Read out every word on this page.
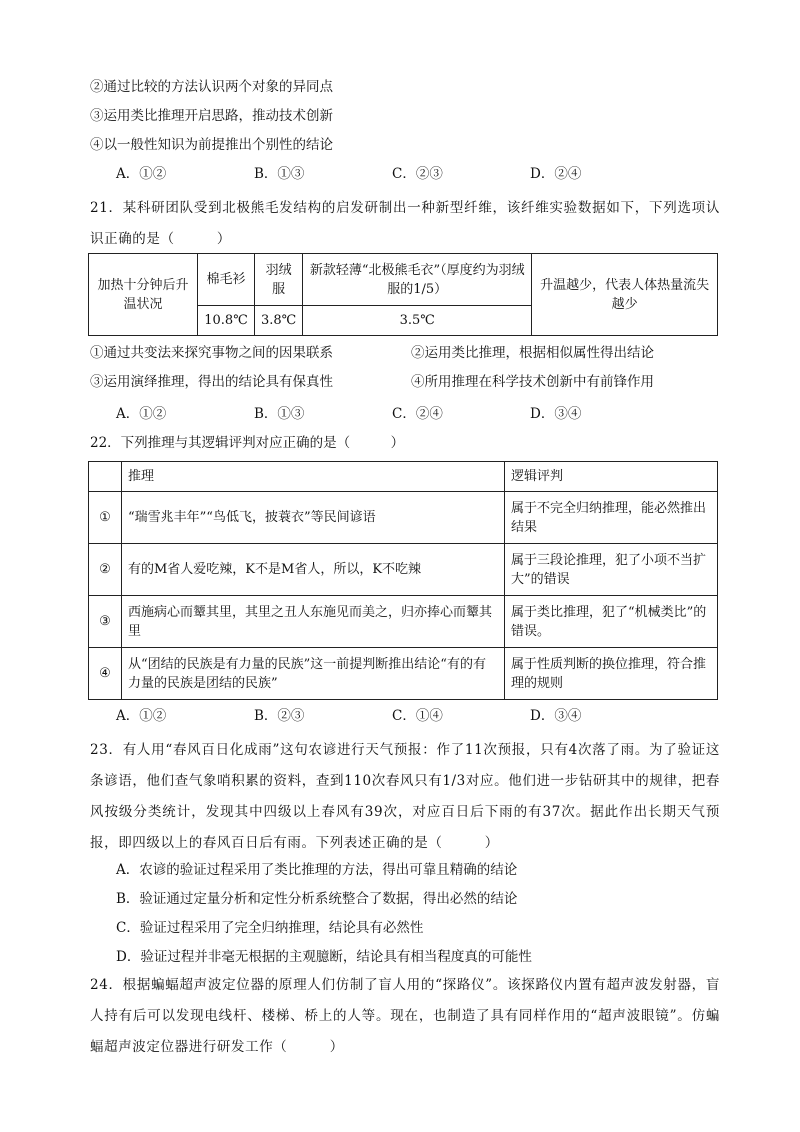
②通过比较的方法认识两个对象的异同点
③运用类比推理开启思路，推动技术创新
④以一般性知识为前提推出个别性的结论
A．①②	B．①③	C．②③	D．②④
21．某科研团队受到北极熊毛发结构的启发研制出一种新型纤维，该纤维实验数据如下，下列选项认识正确的是（　　　）
加热十分钟后升温状况	棉毛衫	羽绒服	新款轻薄“北极熊毛衣”（厚度约为羽绒服的1/5）	升温越少，代表人体热量流失越少
	10.8℃	3.8℃	3.5℃	
①通过共变法来探究事物之间的因果联系	②运用类比推理，根据相似属性得出结论
③运用演绎推理，得出的结论具有保真性	④所用推理在科学技术创新中有前锋作用
A．①②	B．①③	C．②④	D．③④
22．下列推理与其逻辑评判对应正确的是（　　　）
	推理	逻辑评判
①	“瑞雪兆丰年”“鸟低飞，披蓑衣”等民间谚语	属于不完全归纳推理，能必然推出结果
②	有的M省人爱吃辣，K不是M省人，所以，K不吃辣	属于三段论推理，犯了小项不当扩大”的错误
③	西施病心而颦其里，其里之丑人东施见而美之，归亦捧心而颦其里	属于类比推理，犯了“机械类比”的错误。
④	从“团结的民族是有力量的民族”这一前提判断推出结论“有的有力量的民族是团结的民族”	属于性质判断的换位推理，符合推理的规则
A．①②	B．②③	C．①④	D．③④
23．有人用“春风百日化成雨”这句农谚进行天气预报：作了11次预报，只有4次落了雨。为了验证这条谚语，他们查气象哨积累的资料，查到110次春风只有1/3对应。他们进一步钻研其中的规律，把春风按级分类统计，发现其中四级以上春风有39次，对应百日后下雨的有37次。据此作出长期天气预报，即四级以上的春风百日后有雨。下列表述正确的是（　　　）
A．农谚的验证过程采用了类比推理的方法，得出可靠且精确的结论
B．验证通过定量分析和定性分析系统整合了数据，得出必然的结论
C．验证过程采用了完全归纳推理，结论具有必然性
D．验证过程并非毫无根据的主观臆断，结论具有相当程度真的可能性
24．根据蝙蝠超声波定位器的原理人们仿制了盲人用的“探路仪”。该探路仪内置有超声波发射器，盲人持有后可以发现电线杆、楼梯、桥上的人等。现在，也制造了具有同样作用的“超声波眼镜”。仿蝙蝠超声波定位器进行研发工作（　　　）
